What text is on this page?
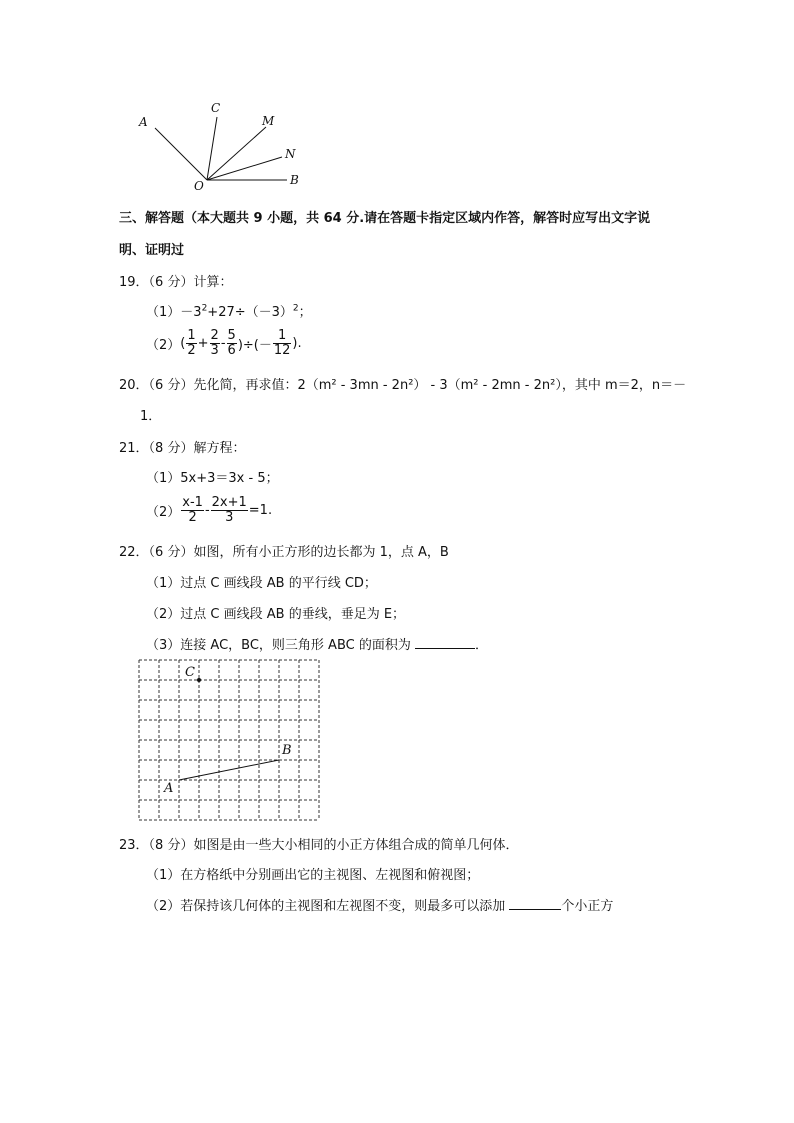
A
C
M
N
O	B
三、解答题（本大题共 9 小题，共 64 分.请在答题卡指定区域内作答，解答时应写出文字说
明、证明过
19．（6 分）计算：
$(1)-3^2+27\div(-3)^2$；
$(2)( \frac{1}{2} + \frac{2}{3} - \frac{5}{6}$ )÷(－ $\frac{1}{12}$ ).
20．（6 分）先化简，再求值：2（m² - 3mn - 2n²） - 3（m² - 2mn - 2n²），其中 m＝2，n＝－
1．
21．（8 分）解方程：
（1）5x+3＝3x - 5；
$(2) \frac{x-1}{2} - \frac{2x+1}{3} =1$.
22．（6 分）如图，所有小正方形的边长都为 1，点 A，B
（1）过点 C 画线段 AB 的平行线 CD；
（2）过点 C 画线段 AB 的垂线，垂足为 E；
（3）连接 AC，BC，则三角形 ABC 的面积为	．
C
A
B
23．（8 分）如图是由一些大小相同的小正方体组合成的简单几何体．
（1）在方格纸中分别画出它的主视图、左视图和俯视图；
（2）若保持该几何体的主视图和左视图不变，则最多可以添加	个小正方
